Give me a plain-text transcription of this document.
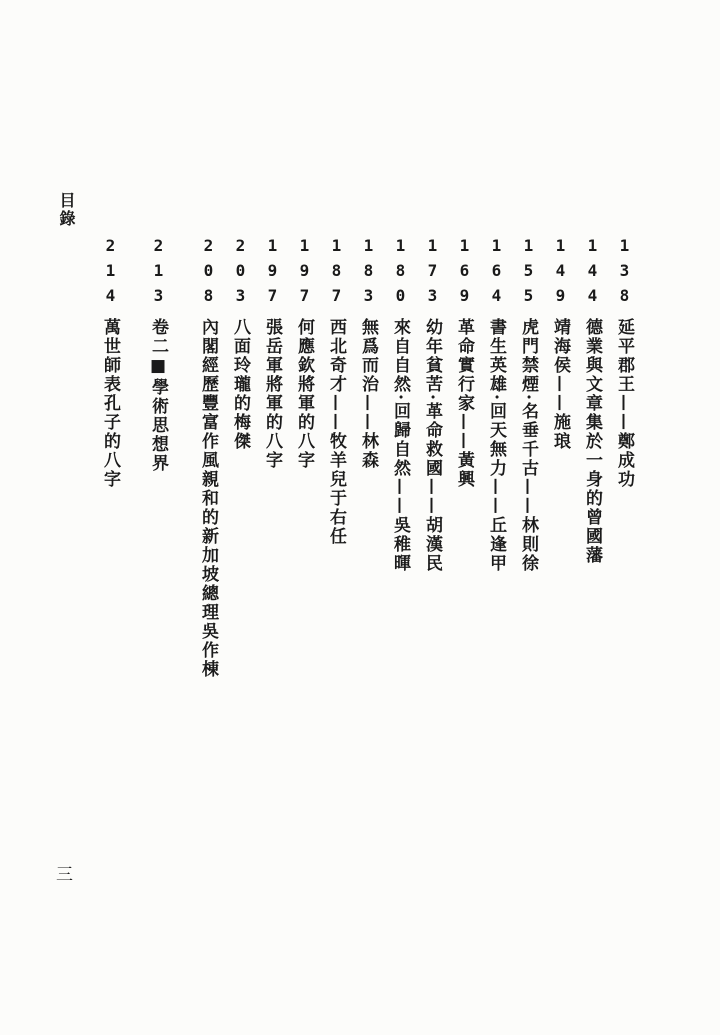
目錄
138
延平郡王——鄭成功
144
德業與文章集於一身的曾國藩
149
靖海侯——施琅
155
虎門禁煙·名垂千古——林則徐
164
書生英雄·回天無力——丘逢甲
169
革命實行家——黃興
173
幼年貧苦·革命救國——胡漢民
180
來自自然·回歸自然——吳稚暉
183
無爲而治——林森
187
西北奇才——牧羊兒于右任
197
何應欽將軍的八字
197
張岳軍將軍的八字
203
八面玲瓏的梅傑
208
內閣經歷豐富作風親和的新加坡總理吳作棟
213
卷二■學術思想界
214
萬世師表孔子的八字
三
